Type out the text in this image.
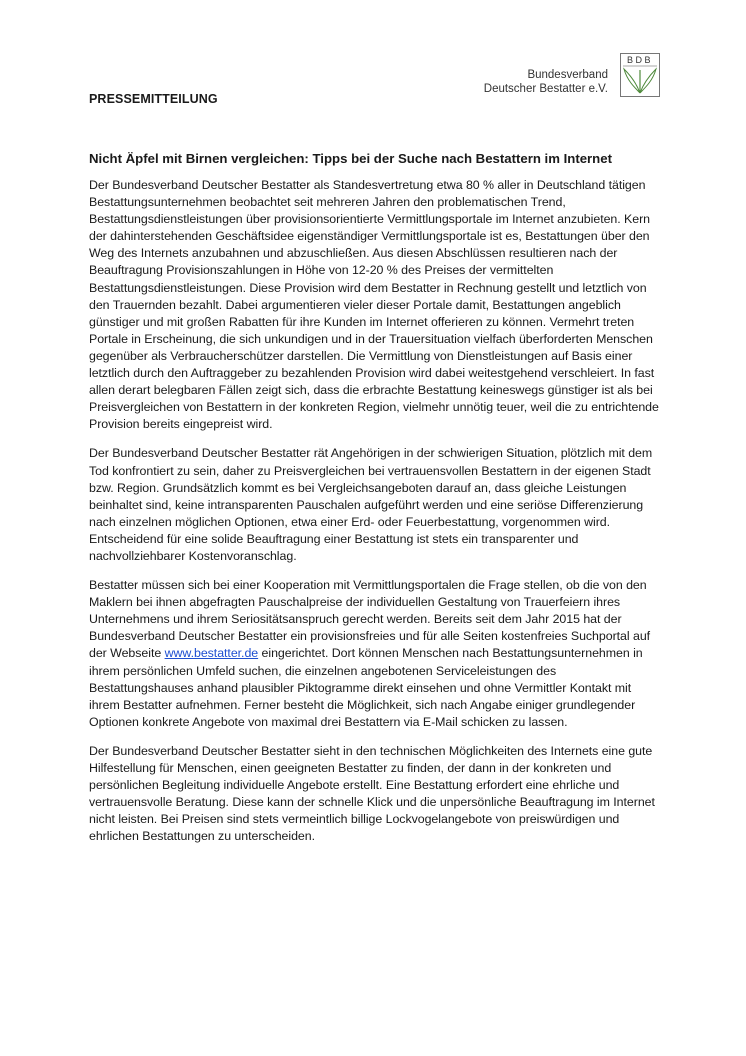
Bundesverband
Deutscher Bestatter e.V.
BDB
PRESSEMITTEILUNG
Nicht Äpfel mit Birnen vergleichen: Tipps bei der Suche nach Bestattern im Internet

Der Bundesverband Deutscher Bestatter als Standesvertretung etwa 80 % aller in Deutschland tätigen Bestattungsunternehmen beobachtet seit mehreren Jahren den problematischen Trend, Bestattungsdienstleistungen über provisionsorientierte Vermittlungsportale im Internet anzubieten. Kern der dahinterstehenden Geschäftsidee eigenständiger Vermittlungsportale ist es, Bestattungen über den Weg des Internets anzubahnen und abzuschließen. Aus diesen Abschlüssen resultieren nach der Beauftragung Provisionszahlungen in Höhe von 12-20 % des Preises der vermittelten Bestattungsdienstleistungen. Diese Provision wird dem Bestatter in Rechnung gestellt und letztlich von den Trauernden bezahlt. Dabei argumentieren vieler dieser Portale damit, Bestattungen angeblich günstiger und mit großen Rabatten für ihre Kunden im Internet offerieren zu können. Vermehrt treten Portale in Erscheinung, die sich unkundigen und in der Trauersituation vielfach überforderten Menschen gegenüber als Verbraucherschützer darstellen. Die Vermittlung von Dienstleistungen auf Basis einer letztlich durch den Auftraggeber zu bezahlenden Provision wird dabei weitestgehend verschleiert. In fast allen derart belegbaren Fällen zeigt sich, dass die erbrachte Bestattung keineswegs günstiger ist als bei Preisvergleichen von Bestattern in der konkreten Region, vielmehr unnötig teuer, weil die zu entrichtende Provision bereits eingepreist wird.

Der Bundesverband Deutscher Bestatter rät Angehörigen in der schwierigen Situation, plötzlich mit dem Tod konfrontiert zu sein, daher zu Preisvergleichen bei vertrauensvollen Bestattern in der eigenen Stadt bzw. Region. Grundsätzlich kommt es bei Vergleichsangeboten darauf an, dass gleiche Leistungen beinhaltet sind, keine intransparenten Pauschalen aufgeführt werden und eine seriöse Differenzierung nach einzelnen möglichen Optionen, etwa einer Erd- oder Feuerbestattung, vorgenommen wird. Entscheidend für eine solide Beauftragung einer Bestattung ist stets ein transparenter und nachvollziehbarer Kostenvoranschlag.

Bestatter müssen sich bei einer Kooperation mit Vermittlungsportalen die Frage stellen, ob die von den Maklern bei ihnen abgefragten Pauschalpreise der individuellen Gestaltung von Trauerfeiern ihres Unternehmens und ihrem Seriositätsanspruch gerecht werden. Bereits seit dem Jahr 2015 hat der Bundesverband Deutscher Bestatter ein provisionsfreies und für alle Seiten kostenfreies Suchportal auf der Webseite www.bestatter.de eingerichtet. Dort können Menschen nach Bestattungsunternehmen in ihrem persönlichen Umfeld suchen, die einzelnen angebotenen Serviceleistungen des Bestattungshauses anhand plausibler Piktogramme direkt einsehen und ohne Vermittler Kontakt mit ihrem Bestatter aufnehmen. Ferner besteht die Möglichkeit, sich nach Angabe einiger grundlegender Optionen konkrete Angebote von maximal drei Bestattern via E-Mail schicken zu lassen.

Der Bundesverband Deutscher Bestatter sieht in den technischen Möglichkeiten des Internets eine gute Hilfestellung für Menschen, einen geeigneten Bestatter zu finden, der dann in der konkreten und persönlichen Begleitung individuelle Angebote erstellt. Eine Bestattung erfordert eine ehrliche und vertrauensvolle Beratung. Diese kann der schnelle Klick und die unpersönliche Beauftragung im Internet nicht leisten. Bei Preisen sind stets vermeintlich billige Lockvogelangebote von preiswürdigen und ehrlichen Bestattungen zu unterscheiden.
